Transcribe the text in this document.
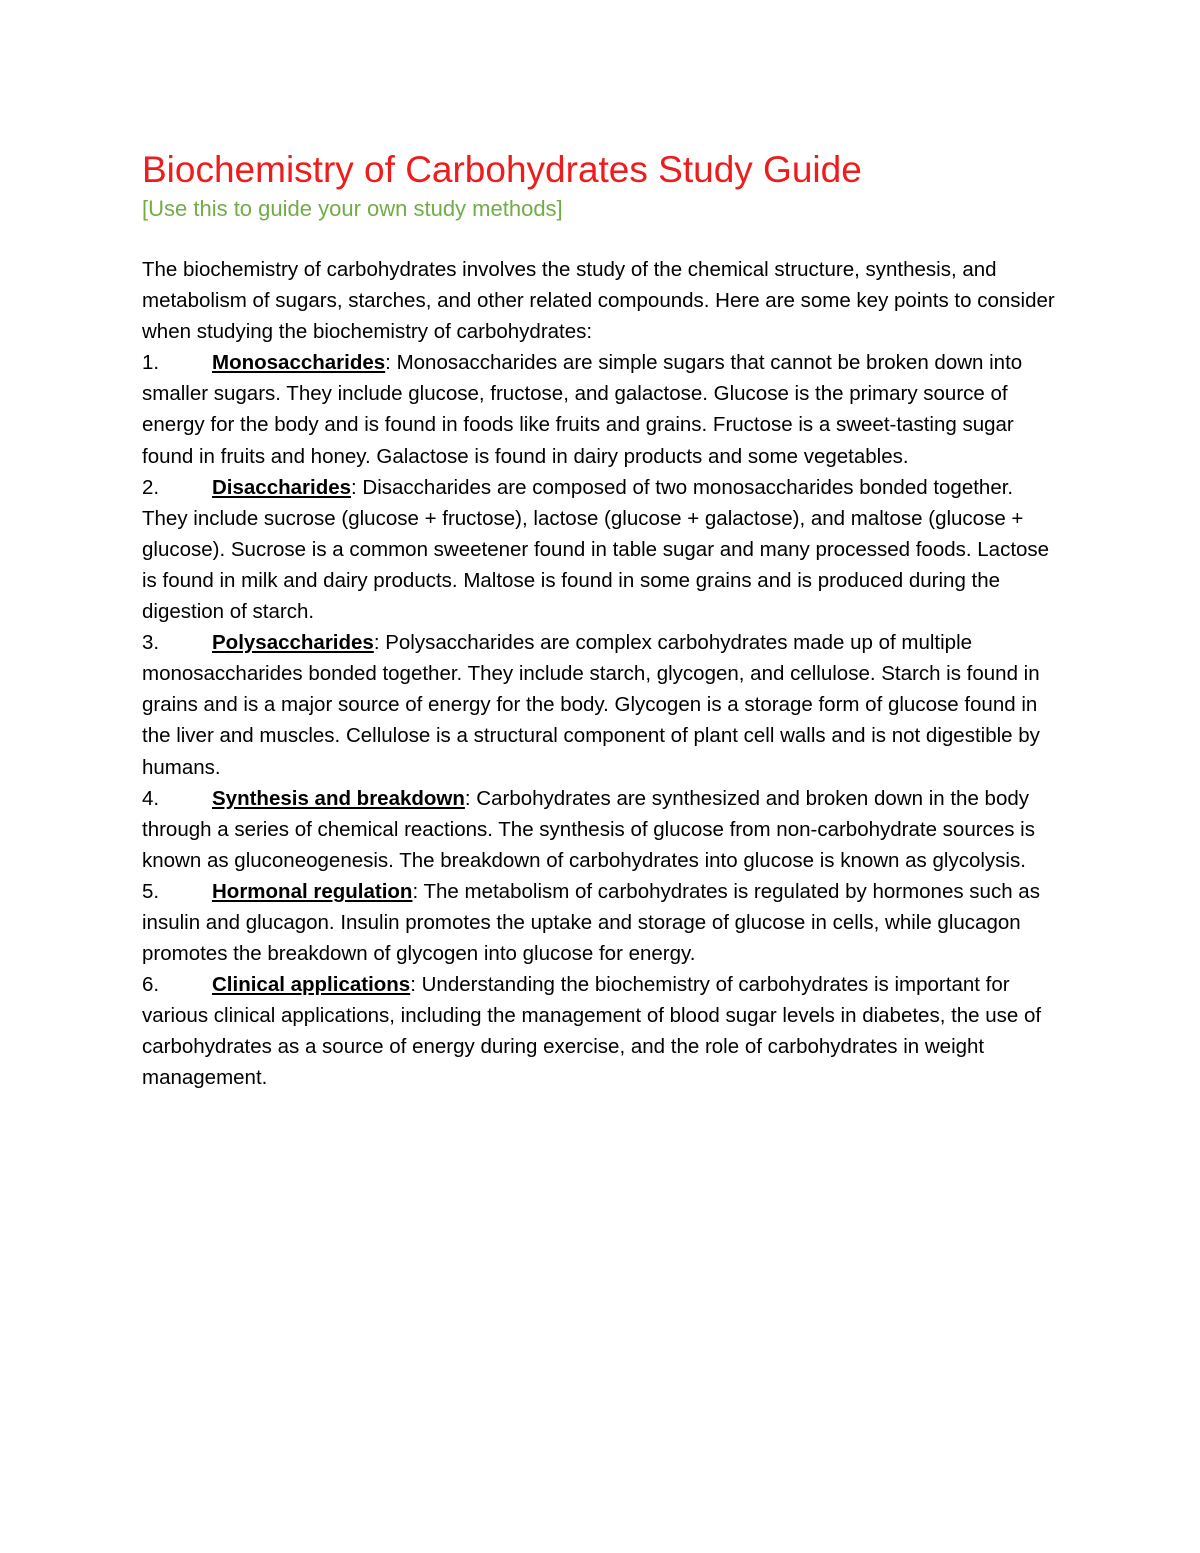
Biochemistry of Carbohydrates Study Guide

[Use this to guide your own study methods]

The biochemistry of carbohydrates involves the study of the chemical structure, synthesis, and metabolism of sugars, starches, and other related compounds. Here are some key points to consider when studying the biochemistry of carbohydrates:

1.	Monosaccharides: Monosaccharides are simple sugars that cannot be broken down into smaller sugars. They include glucose, fructose, and galactose. Glucose is the primary source of energy for the body and is found in foods like fruits and grains. Fructose is a sweet-tasting sugar found in fruits and honey. Galactose is found in dairy products and some vegetables.
2.	Disaccharides: Disaccharides are composed of two monosaccharides bonded together. They include sucrose (glucose + fructose), lactose (glucose + galactose), and maltose (glucose + glucose). Sucrose is a common sweetener found in table sugar and many processed foods. Lactose is found in milk and dairy products. Maltose is found in some grains and is produced during the digestion of starch.
3.	Polysaccharides: Polysaccharides are complex carbohydrates made up of multiple monosaccharides bonded together. They include starch, glycogen, and cellulose. Starch is found in grains and is a major source of energy for the body. Glycogen is a storage form of glucose found in the liver and muscles. Cellulose is a structural component of plant cell walls and is not digestible by humans.
4.	Synthesis and breakdown: Carbohydrates are synthesized and broken down in the body through a series of chemical reactions. The synthesis of glucose from non-carbohydrate sources is known as gluconeogenesis. The breakdown of carbohydrates into glucose is known as glycolysis.
5.	Hormonal regulation: The metabolism of carbohydrates is regulated by hormones such as insulin and glucagon. Insulin promotes the uptake and storage of glucose in cells, while glucagon promotes the breakdown of glycogen into glucose for energy.
6.	Clinical applications: Understanding the biochemistry of carbohydrates is important for various clinical applications, including the management of blood sugar levels in diabetes, the use of carbohydrates as a source of energy during exercise, and the role of carbohydrates in weight management.
